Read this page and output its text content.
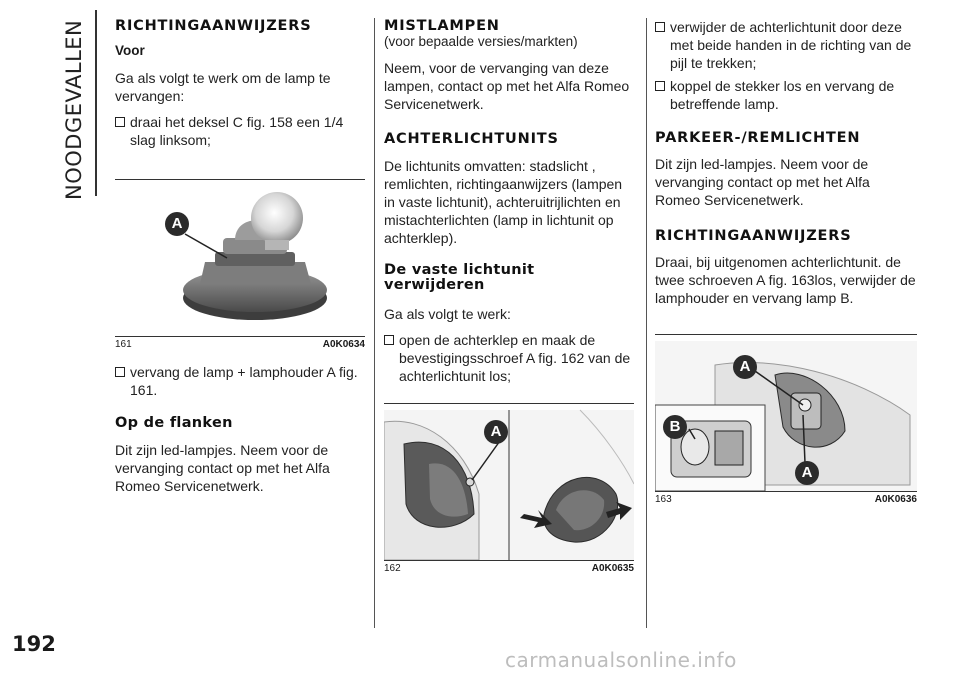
NOODGEVALLEN
192
RICHTINGAANWIJZERS
Voor

Ga als volgt te werk om de lamp te vervangen:

draai het deksel C fig. 158 een 1/4 slag linksom;
A
161	A0K0634
vervang de lamp + lamphouder A fig. 161.
Op de flanken

Dit zijn led-lampjes. Neem voor de vervanging contact op met het Alfa Romeo Servicenetwerk.

MISTLAMPEN
(voor bepaalde versies/markten)

Neem, voor de vervanging van deze lampen, contact op met het Alfa Romeo Servicenetwerk.

ACHTERLICHTUNITS

De lichtunits omvatten: stadslicht , remlichten, richtingaanwijzers (lampen in vaste lichtunit), achteruitrijlichten en mistachterlichten (lamp in lichtunit op achterklep).

De vaste lichtunit verwijderen

Ga als volgt te werk:

open de achterklep en maak de bevestigingsschroef A fig. 162 van de achterlichtunit los;
A
162	A0K0635
verwijder de achterlichtunit door deze met beide handen in de richting van de pijl te trekken;
koppel de stekker los en vervang de betreffende lamp.
PARKEER-/REMLICHTEN

Dit zijn led-lampjes. Neem voor de vervanging contact op met het Alfa Romeo Servicenetwerk.

RICHTINGAANWIJZERS

Draai, bij uitgenomen achterlichtunit. de twee schroeven A fig. 163los, verwijder de lamphouder en vervang lamp B.

A
B
A
163	A0K0636
carmanualsonline.info
